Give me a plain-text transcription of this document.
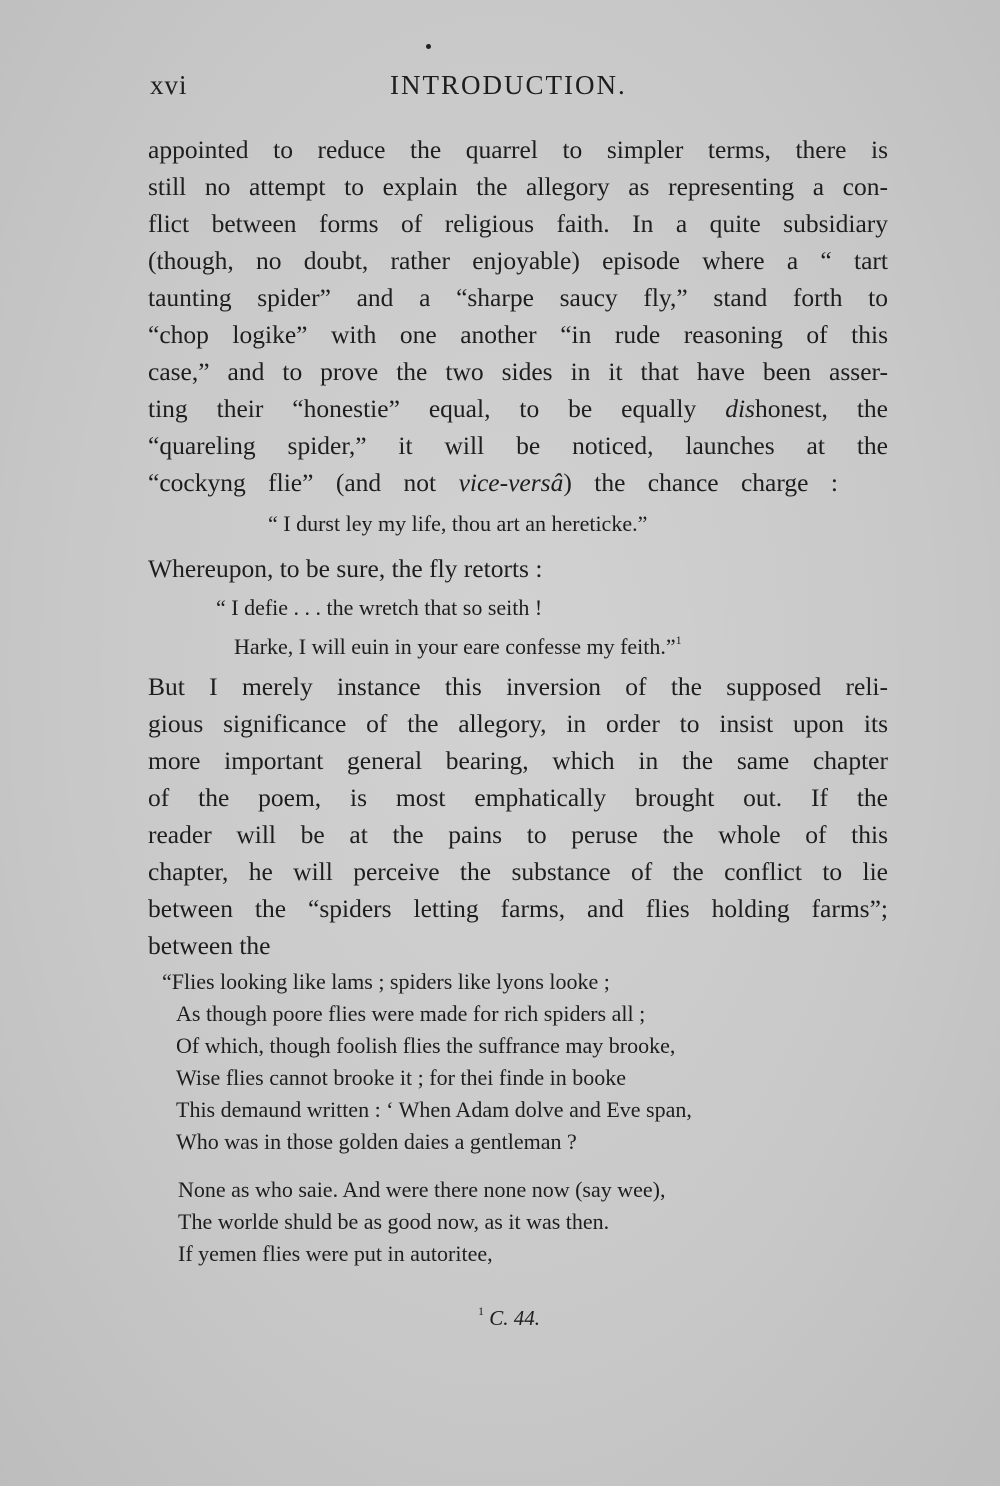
xvi	INTRODUCTION.
appointed to reduce the quarrel to simpler terms, there is
still no attempt to explain the allegory as representing a con-
flict between forms of religious faith. In a quite subsidiary
(though, no doubt, rather enjoyable) episode where a “ tart
taunting spider” and a “sharpe saucy fly,” stand forth to
“chop logike” with one another “in rude reasoning of this
case,” and to prove the two sides in it that have been asser-
ting their “honestie” equal, to be equally dishonest, the
“quareling spider,” it will be noticed, launches at the
“cockyng flie” (and not vice-versâ) the chance charge :
“ I durst ley my life, thou art an hereticke.”
Whereupon, to be sure, the fly retorts :
“ I defie . . . the wretch that so seith !
Harke, I will euin in your eare confesse my feith.”$^1$
But I merely instance this inversion of the supposed reli-
gious significance of the allegory, in order to insist upon its
more important general bearing, which in the same chapter
of the poem, is most emphatically brought out. If the
reader will be at the pains to peruse the whole of this
chapter, he will perceive the substance of the conflict to lie
between the “spiders letting farms, and flies holding farms”;
between the
“Flies looking like lams ; spiders like lyons looke ;
As though poore flies were made for rich spiders all ;
Of which, though foolish flies the suffrance may brooke,
Wise flies cannot brooke it ; for thei finde in booke
This demaund written : ‘ When Adam dolve and Eve span,
Who was in those golden daies a gentleman ?
None as who saie. And were there none now (say wee),
The worlde shuld be as good now, as it was then.
If yemen flies were put in autoritee,
$^1$ C. 44.
